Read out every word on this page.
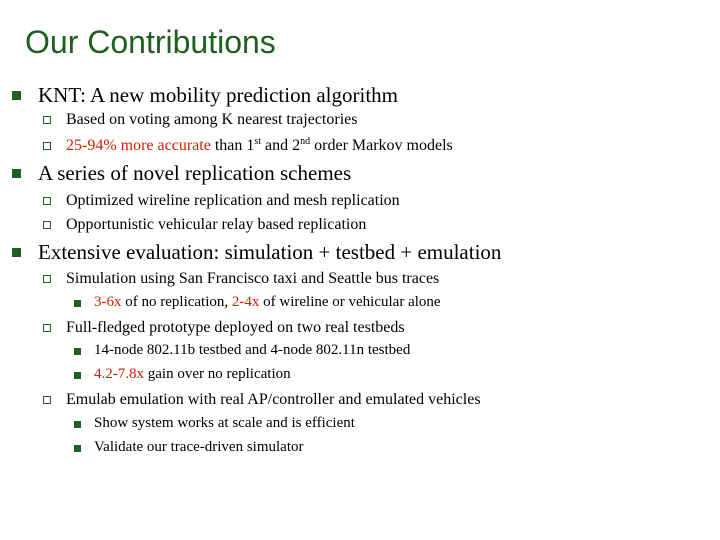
Our Contributions
KNT: A new mobility prediction algorithm
Based on voting among K nearest trajectories
25-94% more accurate than 1st and 2nd order Markov models
A series of novel replication schemes
Optimized wireline replication and mesh replication
Opportunistic vehicular relay based replication
Extensive evaluation: simulation + testbed + emulation
Simulation using San Francisco taxi and Seattle bus traces
3-6x of no replication, 2-4x of wireline or vehicular alone
Full-fledged prototype deployed on two real testbeds
14-node 802.11b testbed and 4-node 802.11n testbed
4.2-7.8x gain over no replication
Emulab emulation with real AP/controller and emulated vehicles
Show system works at scale and is efficient
Validate our trace-driven simulator
